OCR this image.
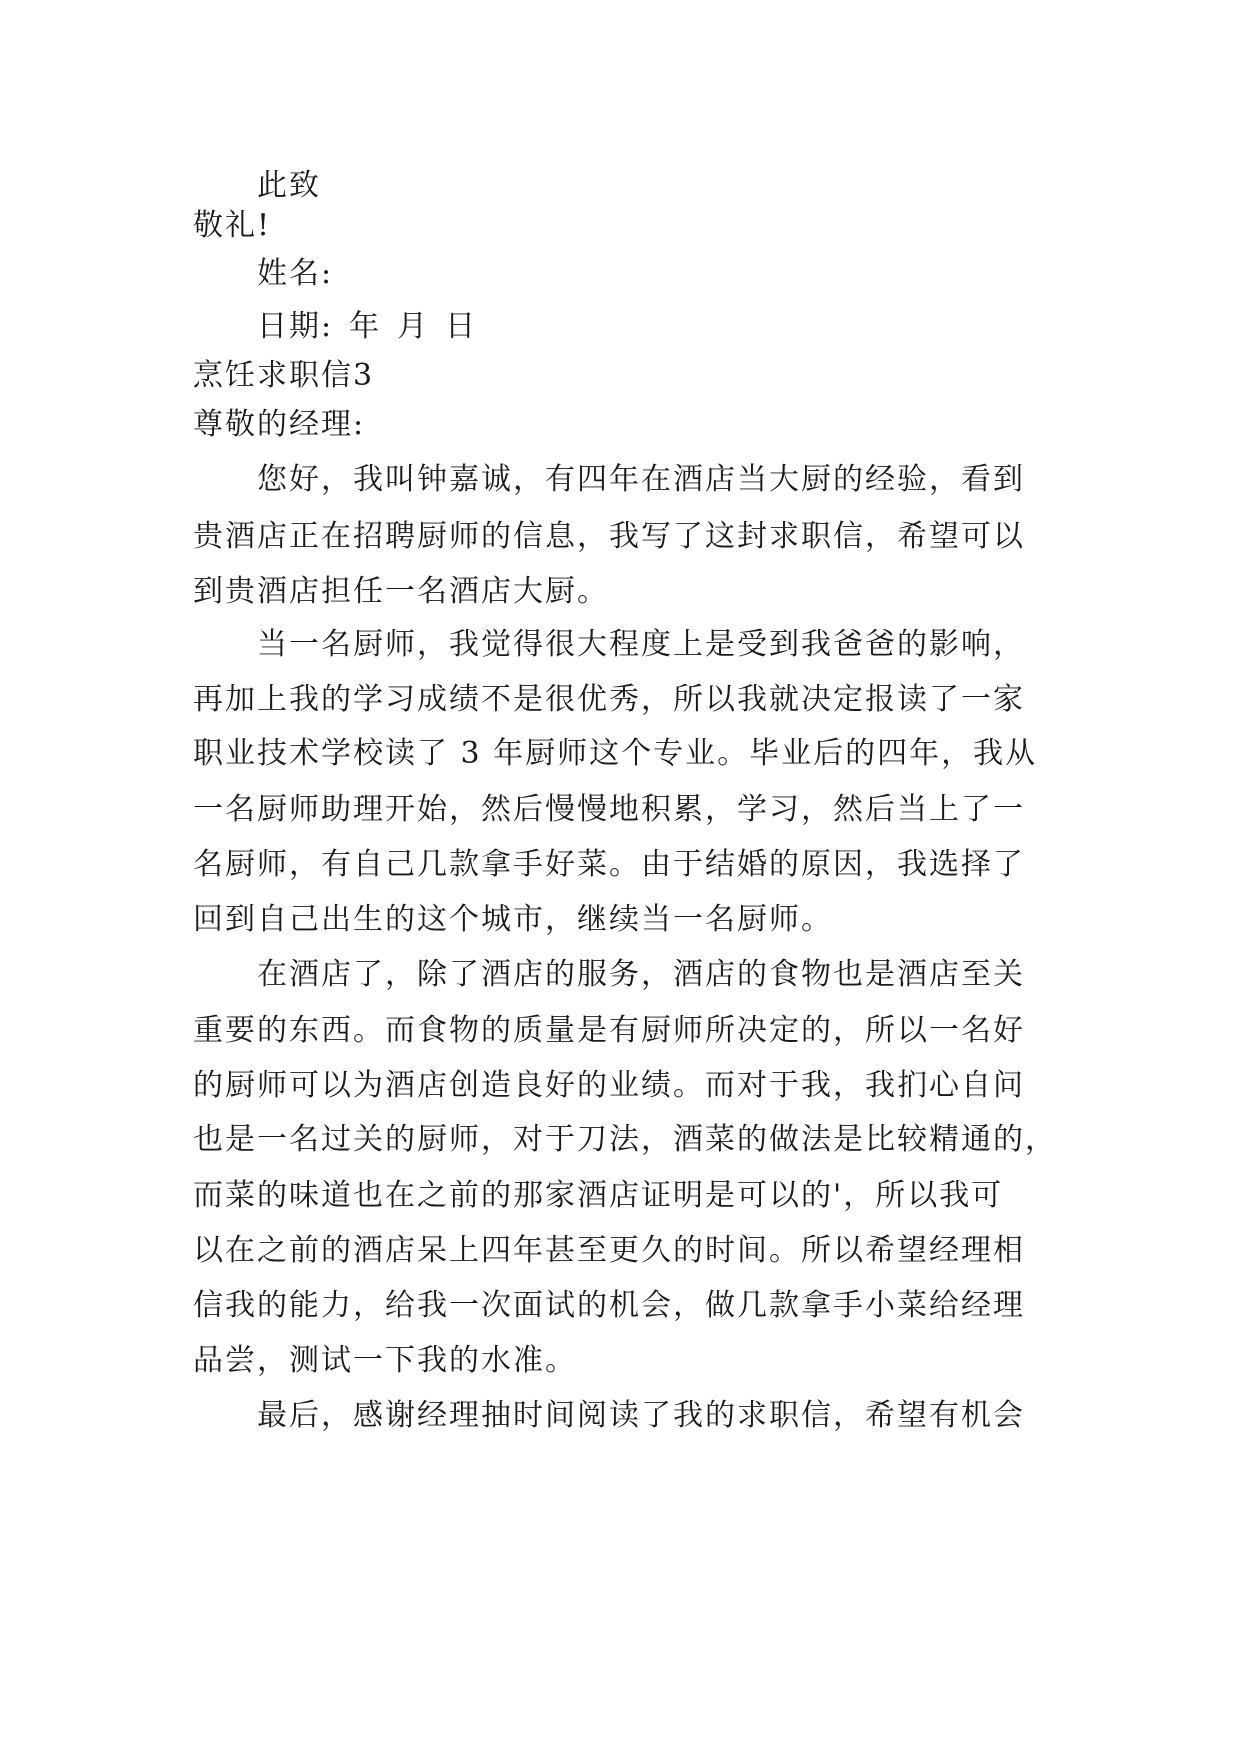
此致
敬礼!
姓名:
日期: 年 月 日
烹饪求职信3
尊敬的经理:
您好，我叫钟嘉诚，有四年在酒店当大厨的经验，看到
贵酒店正在招聘厨师的信息，我写了这封求职信，希望可以
到贵酒店担任一名酒店大厨。
当一名厨师，我觉得很大程度上是受到我爸爸的影响，
再加上我的学习成绩不是很优秀，所以我就决定报读了一家
职业技术学校读了 3 年厨师这个专业。毕业后的四年，我从
一名厨师助理开始，然后慢慢地积累，学习，然后当上了一
名厨师，有自己几款拿手好菜。由于结婚的原因，我选择了
回到自己出生的这个城市，继续当一名厨师。
在酒店了，除了酒店的服务，酒店的食物也是酒店至关
重要的东西。而食物的质量是有厨师所决定的，所以一名好
的厨师可以为酒店创造良好的业绩。而对于我，我扪心自问
也是一名过关的厨师，对于刀法，酒菜的做法是比较精通的，
而菜的味道也在之前的那家酒店证明是可以的'，所以我可
以在之前的酒店呆上四年甚至更久的时间。所以希望经理相
信我的能力，给我一次面试的机会，做几款拿手小菜给经理
品尝，测试一下我的水准。
最后，感谢经理抽时间阅读了我的求职信，希望有机会
